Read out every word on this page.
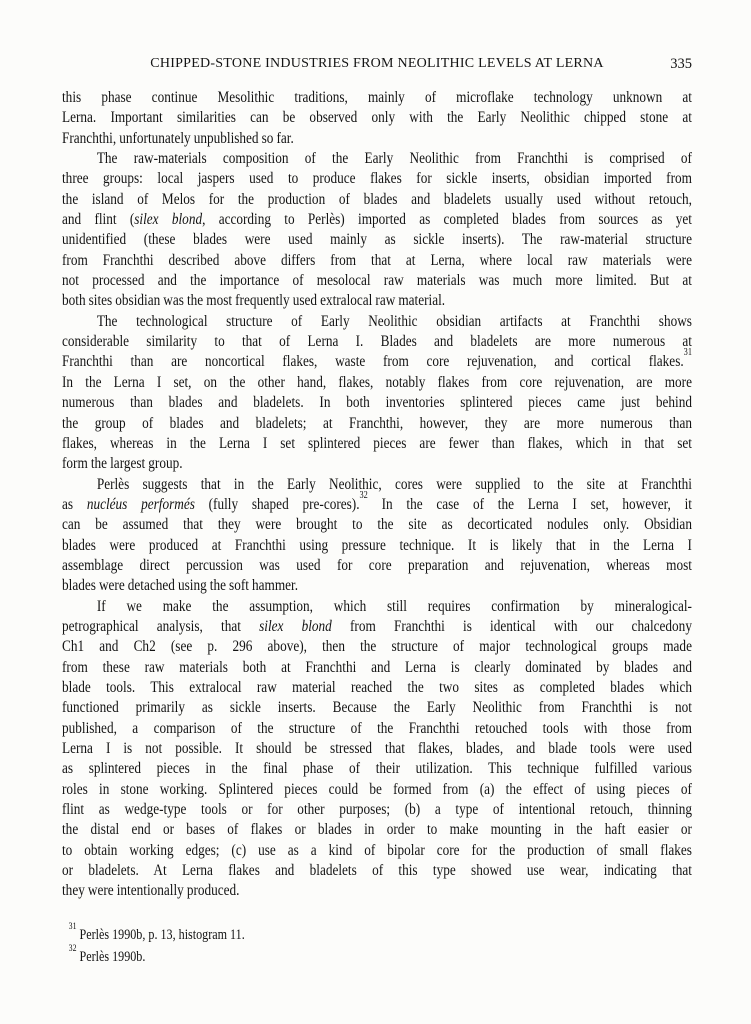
CHIPPED-STONE INDUSTRIES FROM NEOLITHIC LEVELS AT LERNA	335
this phase continue Mesolithic traditions, mainly of microflake technology unknown at
Lerna. Important similarities can be observed only with the Early Neolithic chipped stone at
Franchthi, unfortunately unpublished so far.
The raw-materials composition of the Early Neolithic from Franchthi is comprised of
three groups: local jaspers used to produce flakes for sickle inserts, obsidian imported from
the island of Melos for the production of blades and bladelets usually used without retouch,
and flint (silex blond, according to Perlès) imported as completed blades from sources as yet
unidentified (these blades were used mainly as sickle inserts). The raw-material structure
from Franchthi described above differs from that at Lerna, where local raw materials were
not processed and the importance of mesolocal raw materials was much more limited. But at
both sites obsidian was the most frequently used extralocal raw material.
The technological structure of Early Neolithic obsidian artifacts at Franchthi shows
considerable similarity to that of Lerna I. Blades and bladelets are more numerous at
Franchthi than are noncortical flakes, waste from core rejuvenation, and cortical flakes.$^{31}$
In the Lerna I set, on the other hand, flakes, notably flakes from core rejuvenation, are more
numerous than blades and bladelets. In both inventories splintered pieces came just behind
the group of blades and bladelets; at Franchthi, however, they are more numerous than
flakes, whereas in the Lerna I set splintered pieces are fewer than flakes, which in that set
form the largest group.
Perlès suggests that in the Early Neolithic, cores were supplied to the site at Franchthi
as nucléus performés (fully shaped pre-cores).$^{32}$ In the case of the Lerna I set, however, it
can be assumed that they were brought to the site as decorticated nodules only. Obsidian
blades were produced at Franchthi using pressure technique. It is likely that in the Lerna I
assemblage direct percussion was used for core preparation and rejuvenation, whereas most
blades were detached using the soft hammer.
If we make the assumption, which still requires confirmation by mineralogical-
petrographical analysis, that silex blond from Franchthi is identical with our chalcedony
Ch1 and Ch2 (see p. 296 above), then the structure of major technological groups made
from these raw materials both at Franchthi and Lerna is clearly dominated by blades and
blade tools. This extralocal raw material reached the two sites as completed blades which
functioned primarily as sickle inserts. Because the Early Neolithic from Franchthi is not
published, a comparison of the structure of the Franchthi retouched tools with those from
Lerna I is not possible. It should be stressed that flakes, blades, and blade tools were used
as splintered pieces in the final phase of their utilization. This technique fulfilled various
roles in stone working. Splintered pieces could be formed from (a) the effect of using pieces of
flint as wedge-type tools or for other purposes; (b) a type of intentional retouch, thinning
the distal end or bases of flakes or blades in order to make mounting in the haft easier or
to obtain working edges; (c) use as a kind of bipolar core for the production of small flakes
or bladelets. At Lerna flakes and bladelets of this type showed use wear, indicating that
they were intentionally produced.
$^{31}$ Perlès 1990b, p. 13, histogram 11.
$^{32}$ Perlès 1990b.
